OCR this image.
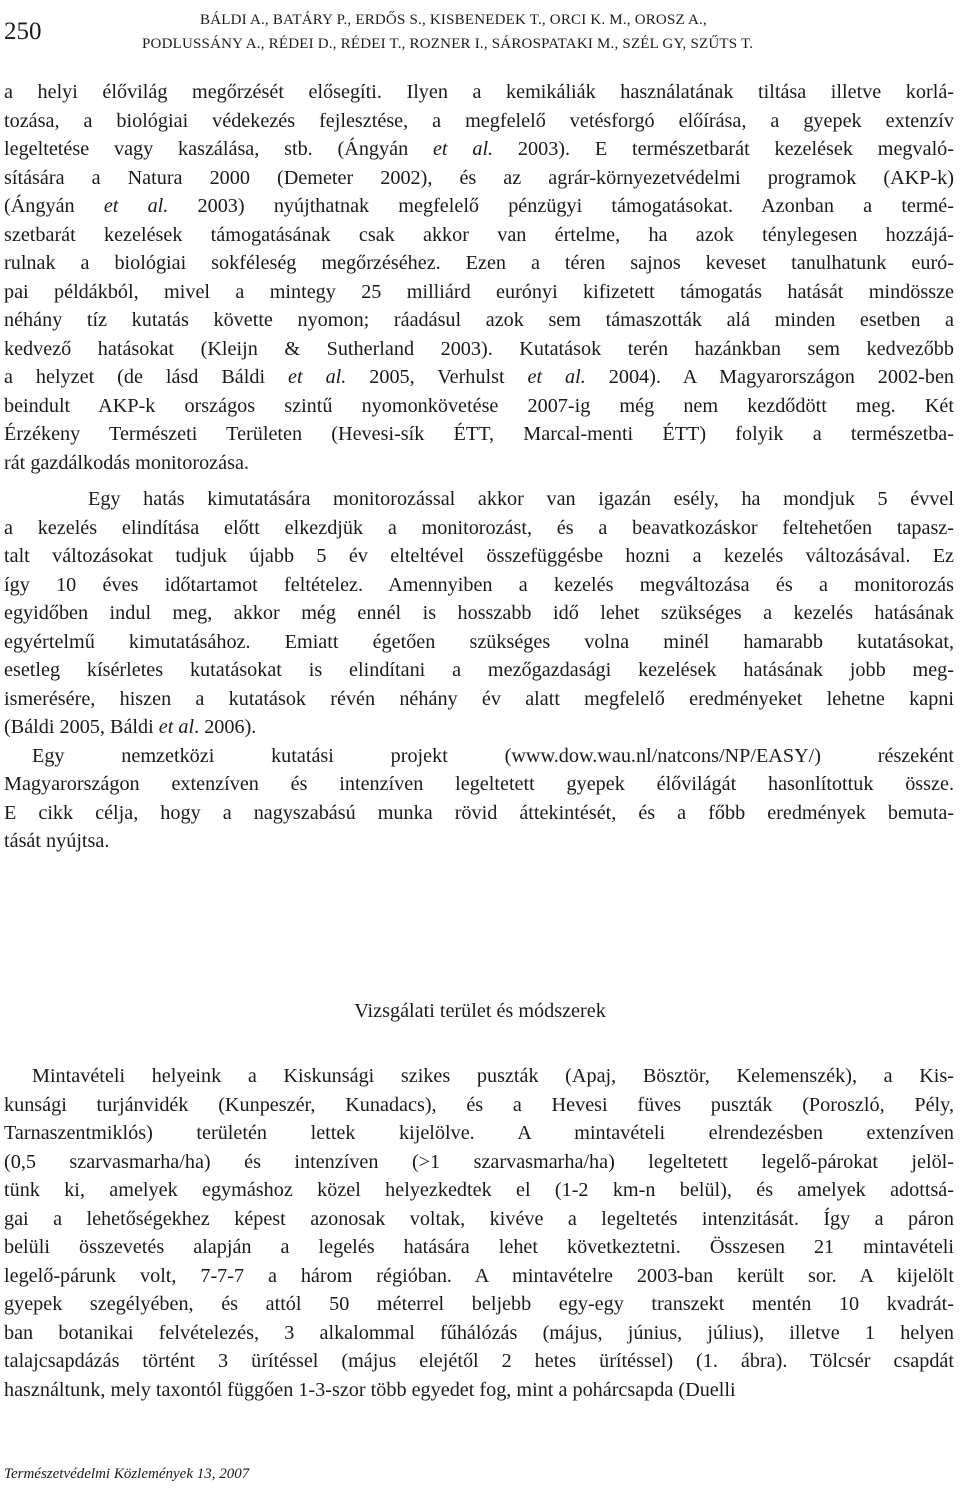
250	BÁLDI A., BATÁRY P., ERDŐS S., KISBENEDEK T., ORCI K. M., OROSZ A.,
PODLUSSÁNY A., RÉDEI D., RÉDEI T., ROZNER I., SÁROSPATAKI M., SZÉL GY, SZŰTS T.

a helyi élővilág megőrzését elősegíti. Ilyen a kemikáliák használatának tiltása illetve korlá-
tozása, a biológiai védekezés fejlesztése, a megfelelő vetésforgó előírása, a gyepek extenzív
legeltetése vagy kaszálása, stb. (Ángyán et al. 2003). E természetbarát kezelések megvaló-
sítására a Natura 2000 (Demeter 2002), és az agrár-környezetvédelmi programok (AKP-k)
(Ángyán et al. 2003) nyújthatnak megfelelő pénzügyi támogatásokat. Azonban a termé-
szetbarát kezelések támogatásának csak akkor van értelme, ha azok ténylegesen hozzájá-
rulnak a biológiai sokféleség megőrzéséhez. Ezen a téren sajnos keveset tanulhatunk euró-
pai példákból, mivel a mintegy 25 milliárd eurónyi kifizetett támogatás hatását mindössze
néhány tíz kutatás követte nyomon; ráadásul azok sem támaszották alá minden esetben a
kedvező hatásokat (Kleijn & Sutherland 2003). Kutatások terén hazánkban sem kedvezőbb
a helyzet (de lásd Báldi et al. 2005, Verhulst et al. 2004). A Magyarországon 2002-ben
beindult AKP-k országos szintű nyomonkövetése 2007-ig még nem kezdődött meg. Két
Érzékeny Természeti Területen (Hevesi-sík ÉTT, Marcal-menti ÉTT) folyik a természetba-
rát gazdálkodás monitorozása.

Egy hatás kimutatására monitorozással akkor van igazán esély, ha mondjuk 5 évvel
a kezelés elindítása előtt elkezdjük a monitorozást, és a beavatkozáskor feltehetően tapasz-
talt változásokat tudjuk újabb 5 év elteltével összefüggésbe hozni a kezelés változásával. Ez
így 10 éves időtartamot feltételez. Amennyiben a kezelés megváltozása és a monitorozás
egyidőben indul meg, akkor még ennél is hosszabb idő lehet szükséges a kezelés hatásának
egyértelmű kimutatásához. Emiatt égetően szükséges volna minél hamarabb kutatásokat,
esetleg kísérletes kutatásokat is elindítani a mezőgazdasági kezelések hatásának jobb meg-
ismerésére, hiszen a kutatások révén néhány év alatt megfelelő eredményeket lehetne kapni
(Báldi 2005, Báldi et al. 2006).

Egy nemzetközi kutatási projekt (www.dow.wau.nl/natcons/NP/EASY/) részeként
Magyarországon extenzíven és intenzíven legeltetett gyepek élővilágát hasonlítottuk össze.
E cikk célja, hogy a nagyszabású munka rövid áttekintését, és a főbb eredmények bemuta-
tását nyújtsa.

Vizsgálati terület és módszerek

Mintavételi helyeink a Kiskunsági szikes puszták (Apaj, Bösztör, Kelemenszék), a Kis-
kunsági turjánvidék (Kunpeszér, Kunadacs), és a Hevesi füves puszták (Poroszló, Pély,
Tarnaszentmiklós) területén lettek kijelölve. A mintavételi elrendezésben extenzíven
(0,5 szarvasmarha/ha) és intenzíven (>1 szarvasmarha/ha) legeltetett legelő-párokat jelöl-
tünk ki, amelyek egymáshoz közel helyezkedtek el (1-2 km-n belül), és amelyek adottsá-
gai a lehetőségekhez képest azonosak voltak, kivéve a legeltetés intenzitását. Így a páron
belüli összevetés alapján a legelés hatására lehet következtetni. Összesen 21 mintavételi
legelő-párunk volt, 7-7-7 a három régióban. A mintavételre 2003-ban került sor. A kijelölt
gyepek szegélyében, és attól 50 méterrel beljebb egy-egy transzekt mentén 10 kvadrát-
ban botanikai felvételezés, 3 alkalommal fűhálózás (május, június, július), illetve 1 helyen
talajcsapdázás történt 3 ürítéssel (május elejétől 2 hetes ürítéssel) (1. ábra). Tölcsér csapdát
használtunk, mely taxontól függően 1-3-szor több egyedet fog, mint a pohárcsapda (Duelli

Természetvédelmi Közlemények 13, 2007
